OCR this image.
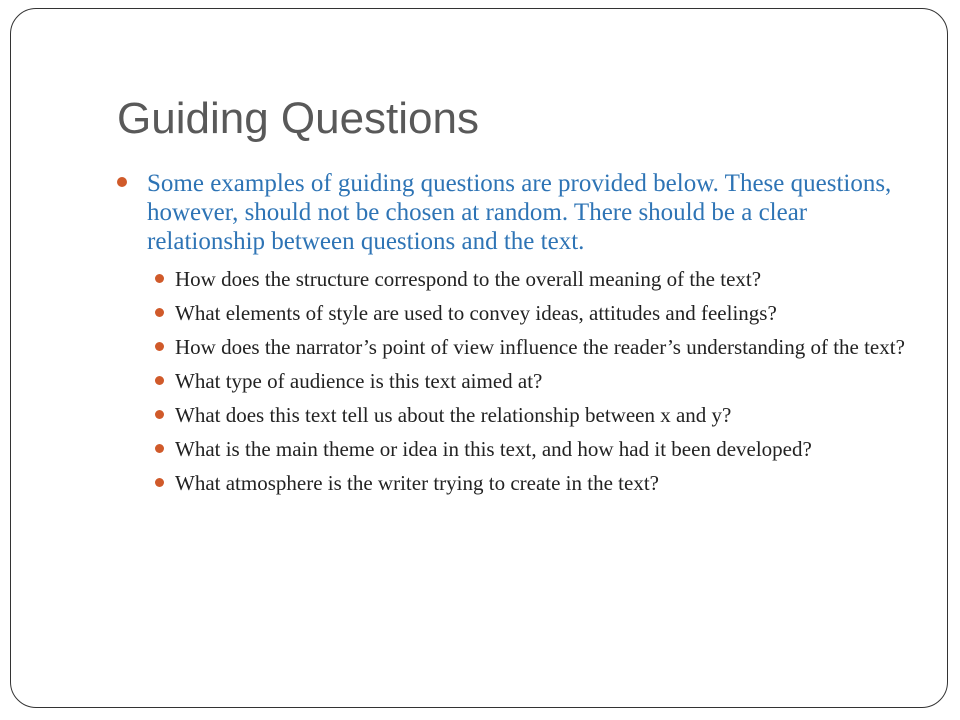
Guiding Questions
Some examples of guiding questions are provided below. These questions, however, should not be chosen at random. There should be a clear relationship between questions and the text.
How does the structure correspond to the overall meaning of the text?
What elements of style are used to convey ideas, attitudes and feelings?
How does the narrator’s point of view influence the reader’s understanding of the text?
What type of audience is this text aimed at?
What does this text tell us about the relationship between x and y?
What is the main theme or idea in this text, and how had it been developed?
What atmosphere is the writer trying to create in the text?
